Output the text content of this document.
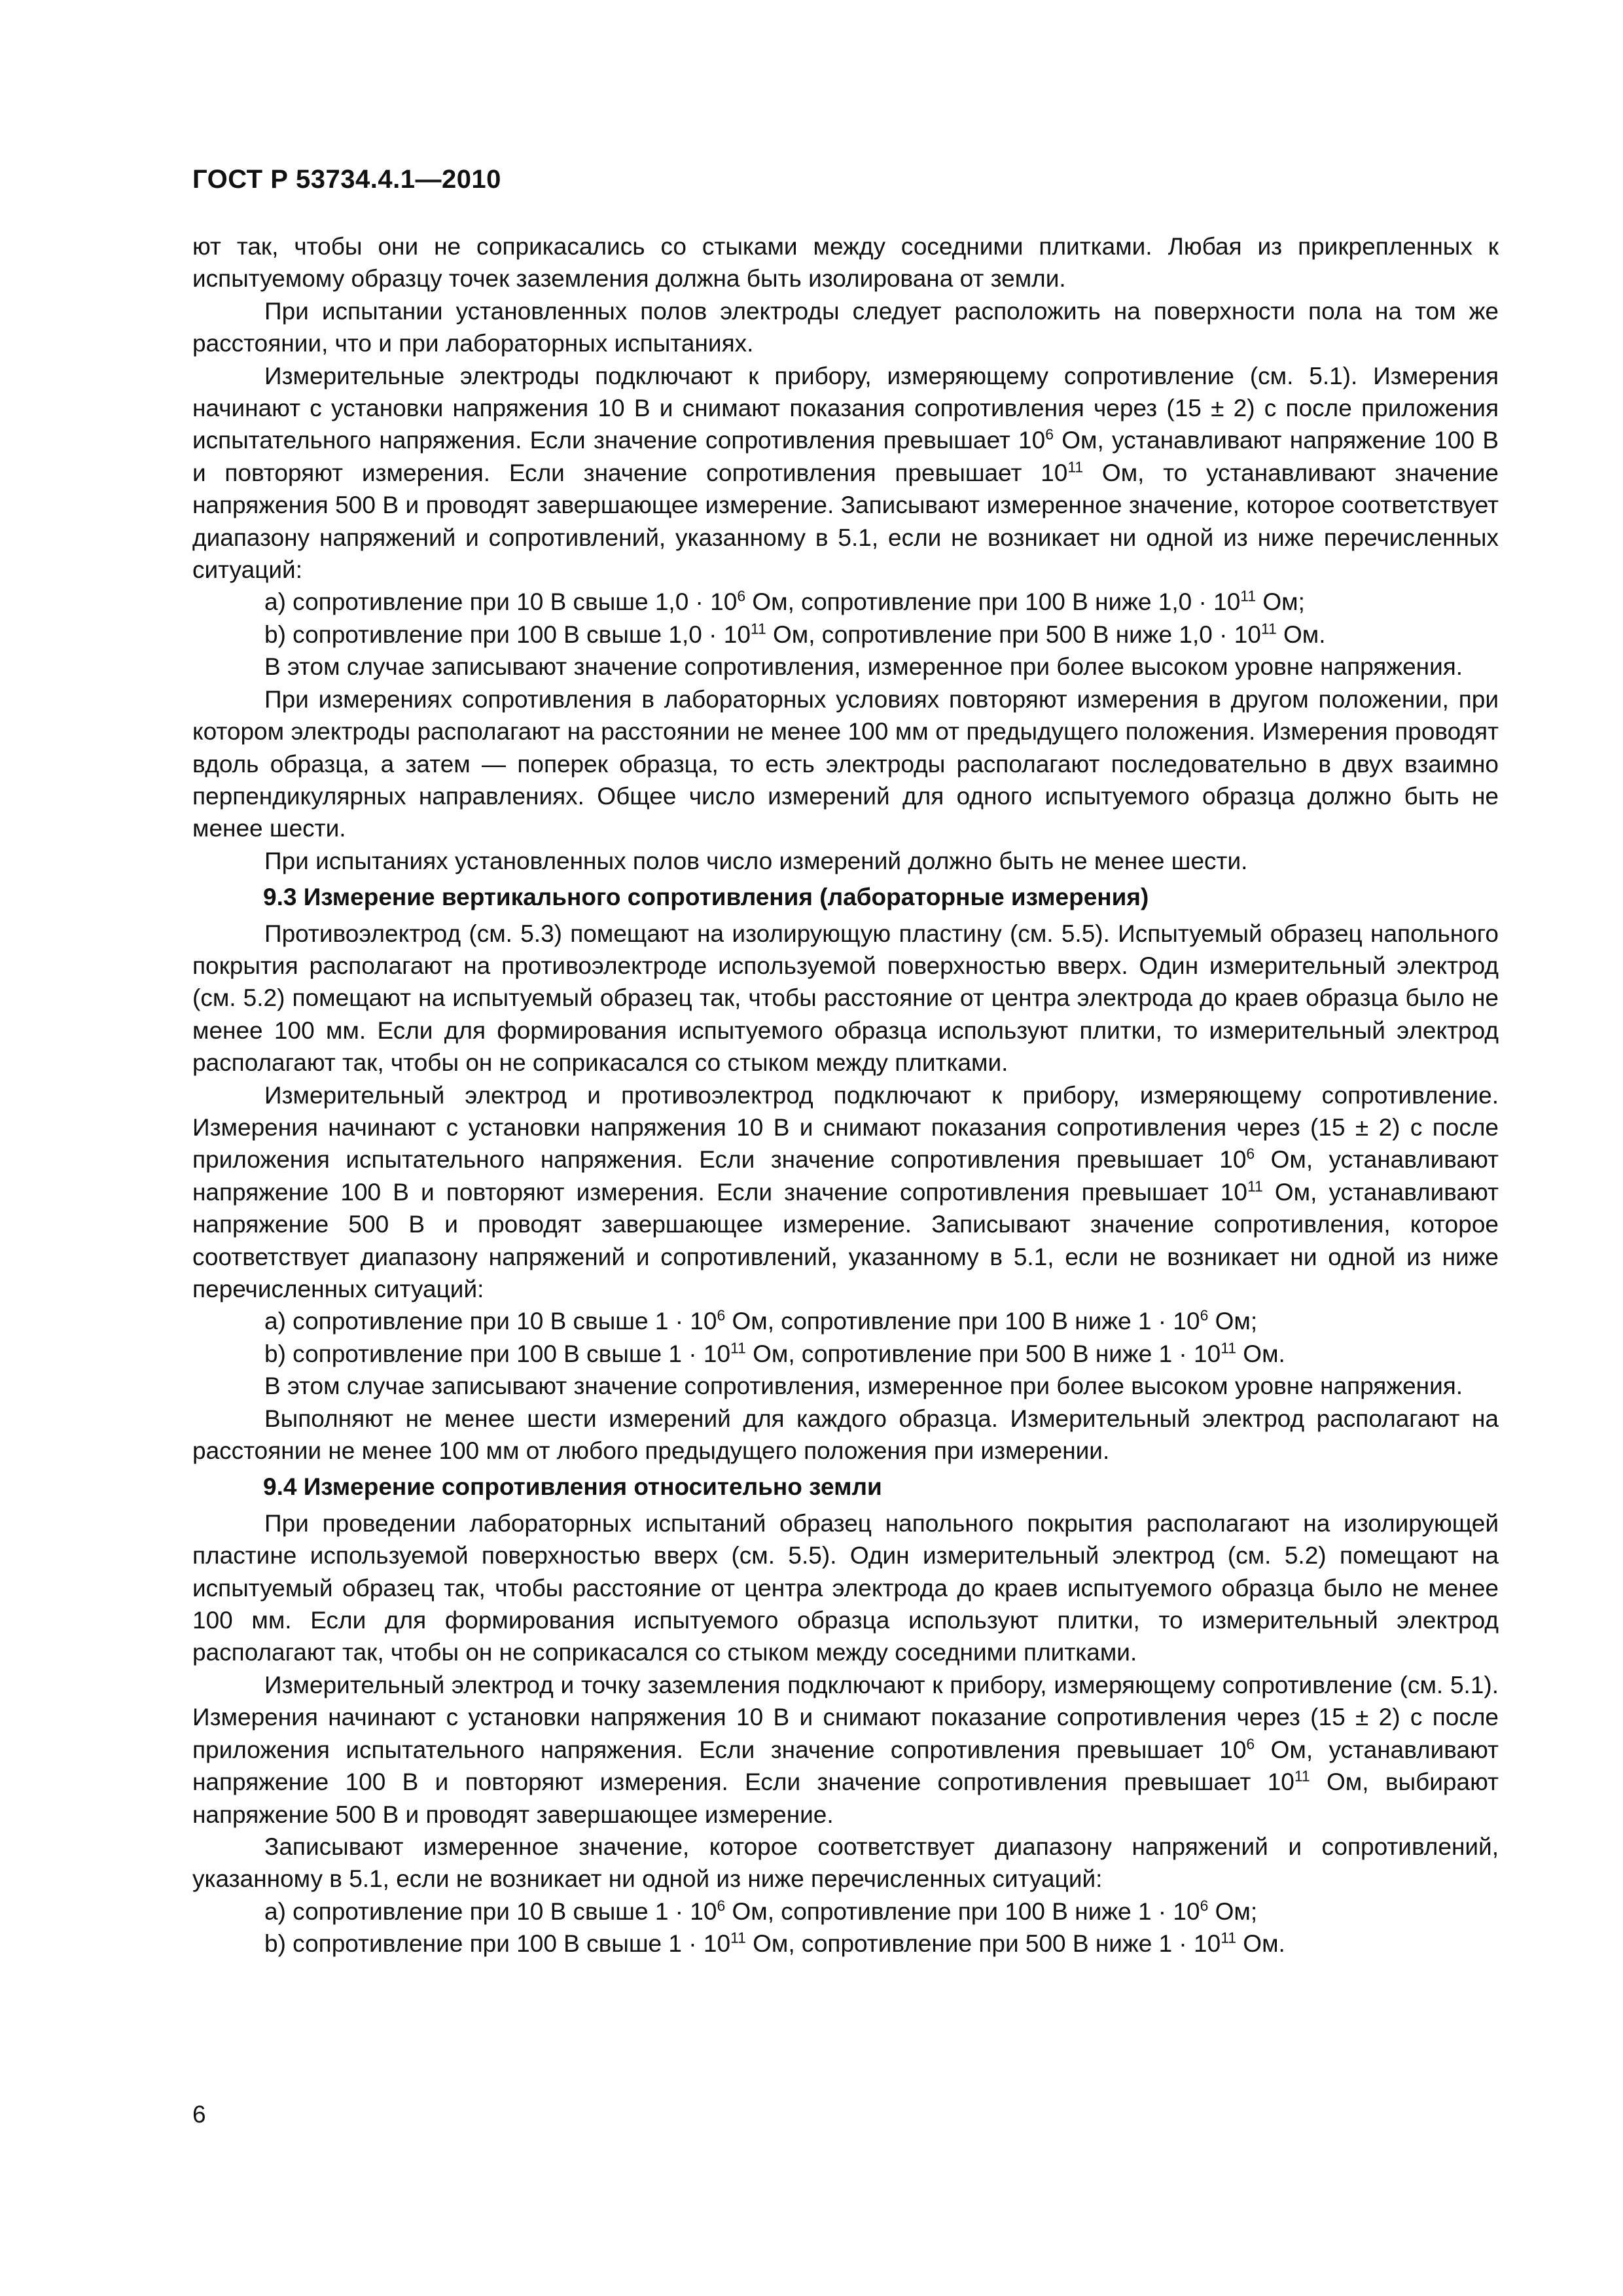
ГОСТ Р 53734.4.1—2010

ют так, чтобы они не соприкасались со стыками между соседними плитками. Любая из прикрепленных к испытуемому образцу точек заземления должна быть изолирована от земли.

При испытании установленных полов электроды следует расположить на поверхности пола на том же расстоянии, что и при лабораторных испытаниях.

Измерительные электроды подключают к прибору, измеряющему сопротивление (см. 5.1). Измерения начинают с установки напряжения 10 В и снимают показания сопротивления через (15 ± 2) с после приложения испытательного напряжения. Если значение сопротивления превышает $10^6$ Ом, устанавливают напряжение 100 В и повторяют измерения. Если значение сопротивления превышает $10^{11}$ Ом, то устанавливают значение напряжения 500 В и проводят завершающее измерение. Записывают измеренное значение, которое соответствует диапазону напряжений и сопротивлений, указанному в 5.1, если не возникает ни одной из ниже перечисленных ситуаций:

a) сопротивление при 10 В свыше $1,0 \cdot 10^6$ Ом, сопротивление при 100 В ниже $1,0 \cdot 10^{11}$ Ом;

b) сопротивление при 100 В свыше $1,0 \cdot 10^{11}$ Ом, сопротивление при 500 В ниже $1,0 \cdot 10^{11}$ Ом.

В этом случае записывают значение сопротивления, измеренное при более высоком уровне напряжения.

При измерениях сопротивления в лабораторных условиях повторяют измерения в другом положении, при котором электроды располагают на расстоянии не менее 100 мм от предыдущего положения. Измерения проводят вдоль образца, а затем — поперек образца, то есть электроды располагают последовательно в двух взаимно перпендикулярных направлениях. Общее число измерений для одного испытуемого образца должно быть не менее шести.

При испытаниях установленных полов число измерений должно быть не менее шести.

9.3 Измерение вертикального сопротивления (лабораторные измерения)

Противоэлектрод (см. 5.3) помещают на изолирующую пластину (см. 5.5). Испытуемый образец напольного покрытия располагают на противоэлектроде используемой поверхностью вверх. Один измерительный электрод (см. 5.2) помещают на испытуемый образец так, чтобы расстояние от центра электрода до краев образца было не менее 100 мм. Если для формирования испытуемого образца используют плитки, то измерительный электрод располагают так, чтобы он не соприкасался со стыком между плитками.

Измерительный электрод и противоэлектрод подключают к прибору, измеряющему сопротивление. Измерения начинают с установки напряжения 10 В и снимают показания сопротивления через (15 ± 2) с после приложения испытательного напряжения. Если значение сопротивления превышает $10^6$ Ом, устанавливают напряжение 100 В и повторяют измерения. Если значение сопротивления превышает $10^{11}$ Ом, устанавливают напряжение 500 В и проводят завершающее измерение. Записывают значение сопротивления, которое соответствует диапазону напряжений и сопротивлений, указанному в 5.1, если не возникает ни одной из ниже перечисленных ситуаций:

a) сопротивление при 10 В свыше $1 \cdot 10^6$ Ом, сопротивление при 100 В ниже $1 \cdot 10^6$ Ом;

b) сопротивление при 100 В свыше $1 \cdot 10^{11}$ Ом, сопротивление при 500 В ниже $1 \cdot 10^{11}$ Ом.

В этом случае записывают значение сопротивления, измеренное при более высоком уровне напряжения.

Выполняют не менее шести измерений для каждого образца. Измерительный электрод располагают на расстоянии не менее 100 мм от любого предыдущего положения при измерении.

9.4 Измерение сопротивления относительно земли

При проведении лабораторных испытаний образец напольного покрытия располагают на изолирующей пластине используемой поверхностью вверх (см. 5.5). Один измерительный электрод (см. 5.2) помещают на испытуемый образец так, чтобы расстояние от центра электрода до краев испытуемого образца было не менее 100 мм. Если для формирования испытуемого образца используют плитки, то измерительный электрод располагают так, чтобы он не соприкасался со стыком между соседними плитками.

Измерительный электрод и точку заземления подключают к прибору, измеряющему сопротивление (см. 5.1). Измерения начинают с установки напряжения 10 В и снимают показание сопротивления через (15 ± 2) с после приложения испытательного напряжения. Если значение сопротивления превышает $10^6$ Ом, устанавливают напряжение 100 В и повторяют измерения. Если значение сопротивления превышает $10^{11}$ Ом, выбирают напряжение 500 В и проводят завершающее измерение.

Записывают измеренное значение, которое соответствует диапазону напряжений и сопротивлений, указанному в 5.1, если не возникает ни одной из ниже перечисленных ситуаций:

a) сопротивление при 10 В свыше $1 \cdot 10^6$ Ом, сопротивление при 100 В ниже $1 \cdot 10^6$ Ом;

b) сопротивление при 100 В свыше $1 \cdot 10^{11}$ Ом, сопротивление при 500 В ниже $1 \cdot 10^{11}$ Ом.

6
